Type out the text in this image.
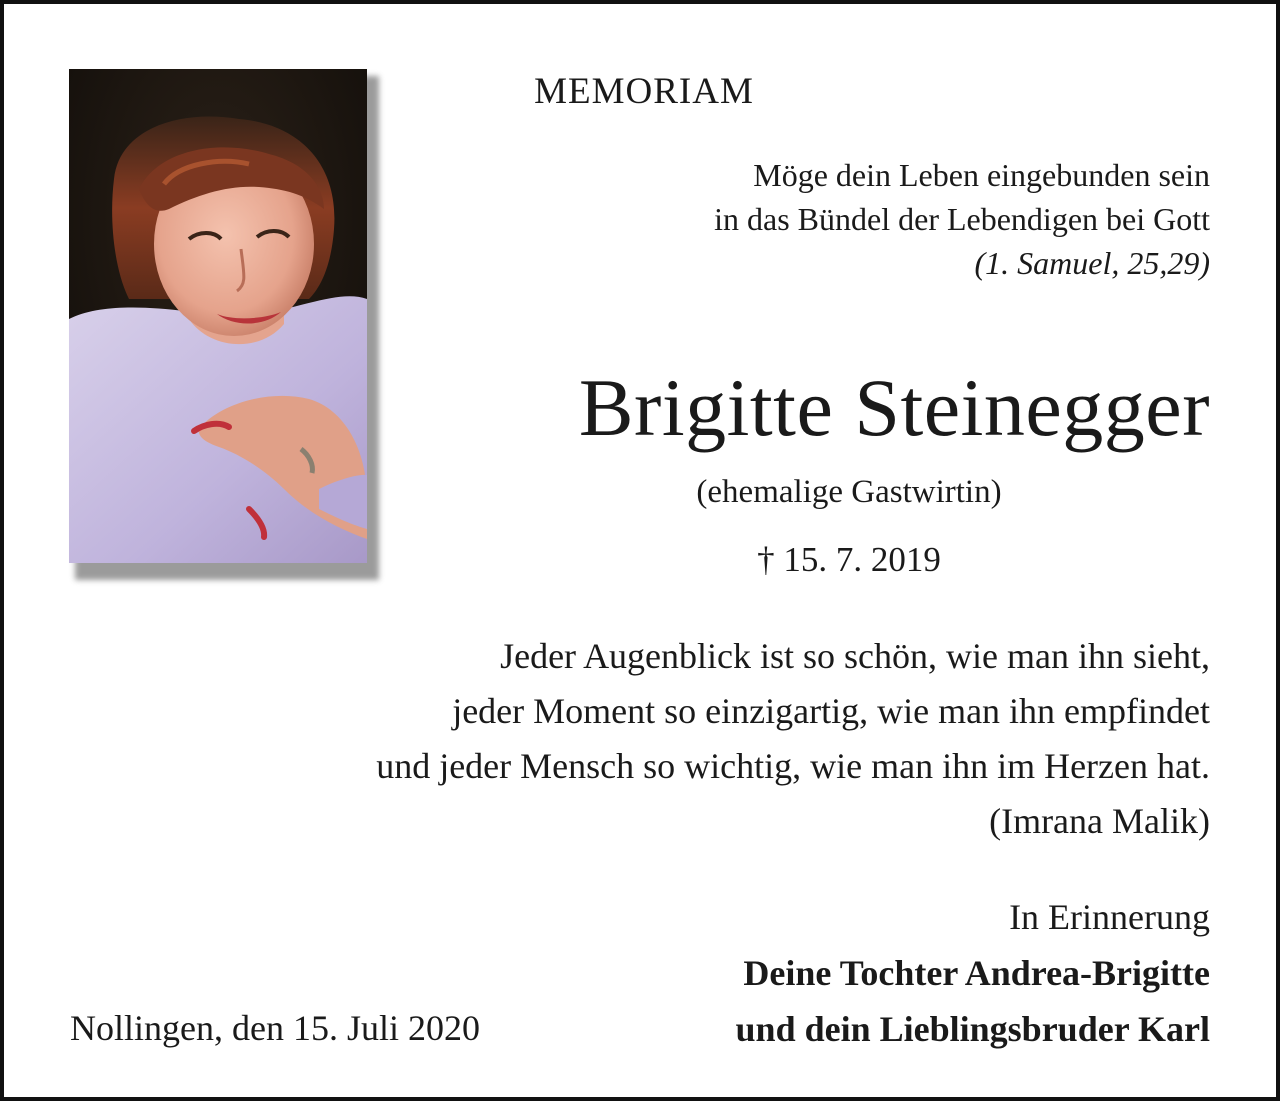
MEMORIAM
Möge dein Leben eingebunden sein
in das Bündel der Lebendigen bei Gott
(1. Samuel, 25,29)
Brigitte Steinegger
(ehemalige Gastwirtin)
† 15. 7. 2019
Jeder Augenblick ist so schön, wie man ihn sieht,
jeder Moment so einzigartig, wie man ihn empfindet
und jeder Mensch so wichtig, wie man ihn im Herzen hat.
(Imrana Malik)
In Erinnerung
Deine Tochter Andrea-Brigitte
und dein Lieblingsbruder Karl
Nollingen, den 15. Juli 2020
